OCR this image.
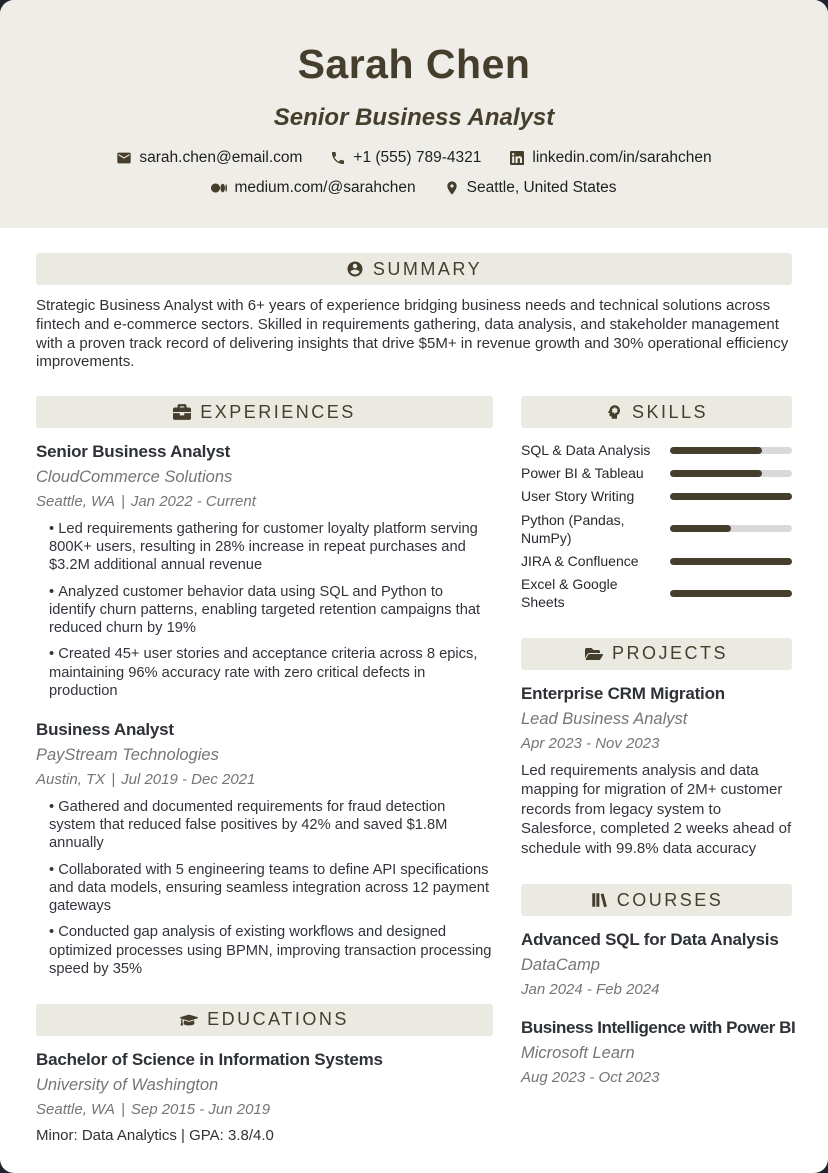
Sarah Chen
Senior Business Analyst
sarah.chen@email.com	+1 (555) 789-4321	linkedin.com/in/sarahchen
medium.com/@sarahchen	Seattle, United States
SUMMARY
Strategic Business Analyst with 6+ years of experience bridging business needs and technical solutions across fintech and e-commerce sectors. Skilled in requirements gathering, data analysis, and stakeholder management with a proven track record of delivering insights that drive $5M+ in revenue growth and 30% operational efficiency improvements.
EXPERIENCES
Senior Business Analyst
CloudCommerce Solutions
Seattle, WA | Jan 2022 - Current
• Led requirements gathering for customer loyalty platform serving 800K+ users, resulting in 28% increase in repeat purchases and $3.2M additional annual revenue
• Analyzed customer behavior data using SQL and Python to identify churn patterns, enabling targeted retention campaigns that reduced churn by 19%
• Created 45+ user stories and acceptance criteria across 8 epics, maintaining 96% accuracy rate with zero critical defects in production
Business Analyst
PayStream Technologies
Austin, TX | Jul 2019 - Dec 2021
• Gathered and documented requirements for fraud detection system that reduced false positives by 42% and saved $1.8M annually
• Collaborated with 5 engineering teams to define API specifications and data models, ensuring seamless integration across 12 payment gateways
• Conducted gap analysis of existing workflows and designed optimized processes using BPMN, improving transaction processing speed by 35%
EDUCATIONS
Bachelor of Science in Information Systems
University of Washington
Seattle, WA | Sep 2015 - Jun 2019
Minor: Data Analytics | GPA: 3.8/4.0
SKILLS
SQL & Data Analysis
Power BI & Tableau
User Story Writing
Python (Pandas, NumPy)
JIRA & Confluence
Excel & Google Sheets
PROJECTS
Enterprise CRM Migration
Lead Business Analyst
Apr 2023 - Nov 2023
Led requirements analysis and data mapping for migration of 2M+ customer records from legacy system to Salesforce, completed 2 weeks ahead of schedule with 99.8% data accuracy
COURSES
Advanced SQL for Data Analysis
DataCamp
Jan 2024 - Feb 2024
Business Intelligence with Power BI
Microsoft Learn
Aug 2023 - Oct 2023
